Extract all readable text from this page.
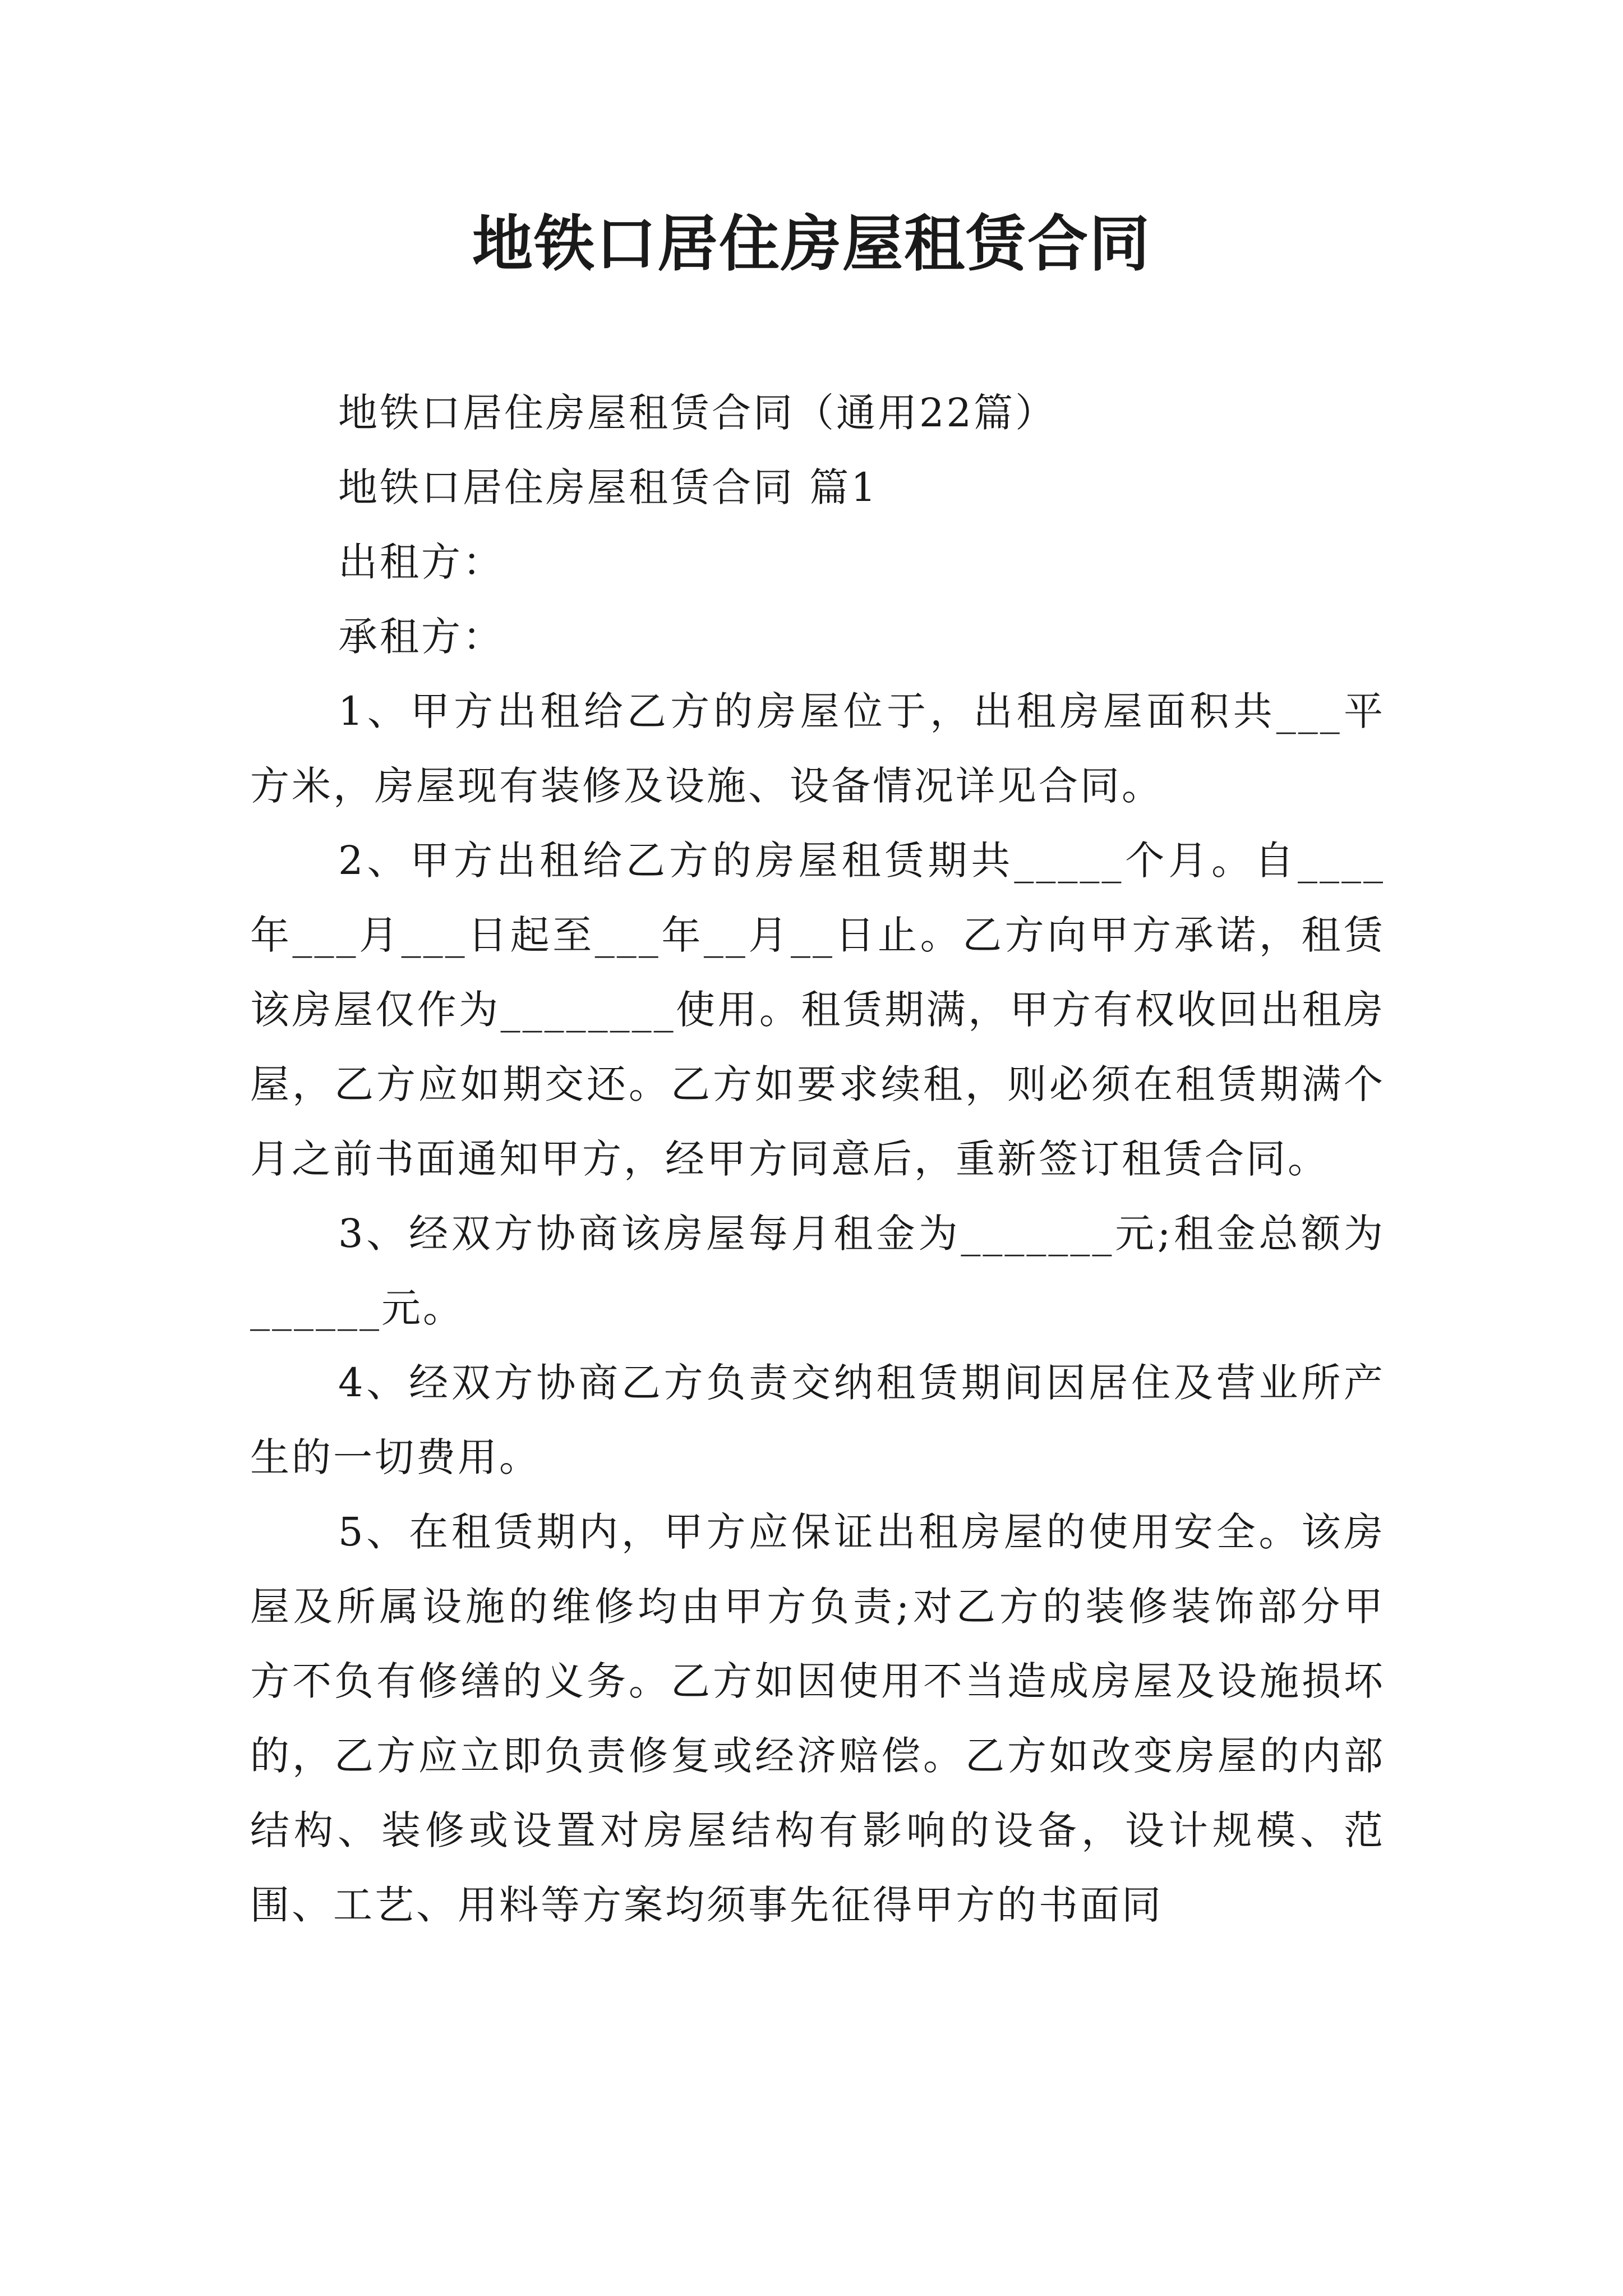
地铁口居住房屋租赁合同

地铁口居住房屋租赁合同（通用22篇）

地铁口居住房屋租赁合同 篇1

出租方：

承租方：

1、甲方出租给乙方的房屋位于，出租房屋面积共___平方米，房屋现有装修及设施、设备情况详见合同。

2、甲方出租给乙方的房屋租赁期共_____个月。自____年___月___日起至___年__月__日止。乙方向甲方承诺，租赁该房屋仅作为________使用。租赁期满，甲方有权收回出租房屋，乙方应如期交还。乙方如要求续租，则必须在租赁期满个月之前书面通知甲方，经甲方同意后，重新签订租赁合同。

3、经双方协商该房屋每月租金为_______元;租金总额为______元。

4、经双方协商乙方负责交纳租赁期间因居住及营业所产生的一切费用。

5、在租赁期内，甲方应保证出租房屋的使用安全。该房屋及所属设施的维修均由甲方负责;对乙方的装修装饰部分甲方不负有修缮的义务。乙方如因使用不当造成房屋及设施损坏的，乙方应立即负责修复或经济赔偿。乙方如改变房屋的内部结构、装修或设置对房屋结构有影响的设备，设计规模、范围、工艺、用料等方案均须事先征得甲方的书面同
